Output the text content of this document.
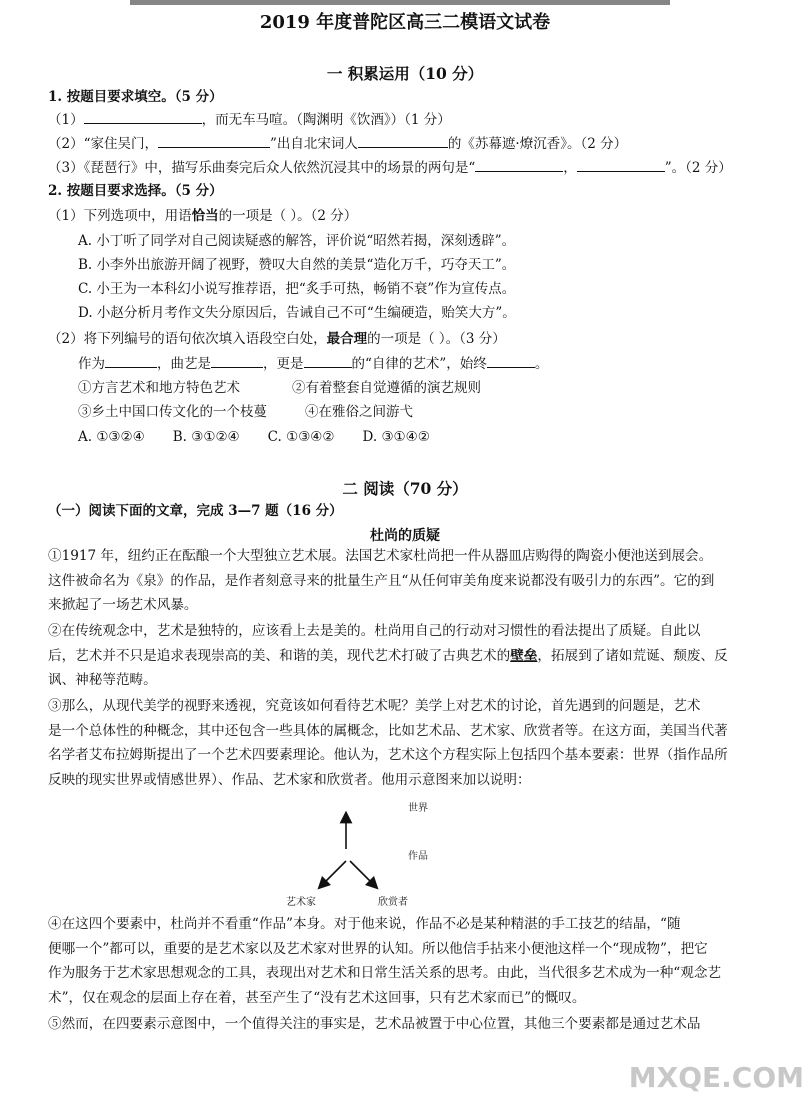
2019 年度普陀区高三二模语文试卷
一 积累运用（10 分）
1. 按题目要求填空。（5 分）
（1）	，而无车马喧。（陶渊明《饮酒》）（1 分）
（2）“家住吴门，	”出自北宋词人	的《苏幕遮·燎沉香》。（2 分）
（3）《琵琶行》中，描写乐曲奏完后众人依然沉浸其中的场景的两句是“	，	”。（2 分）
2. 按题目要求选择。（5 分）
（1）下列选项中，用语恰当的一项是（ ）。（2 分）
A. 小丁听了同学对自己阅读疑惑的解答，评价说“昭然若揭，深刻透辟”。
B. 小李外出旅游开阔了视野，赞叹大自然的美景“造化万千，巧夺天工”。
C. 小王为一本科幻小说写推荐语，把“炙手可热，畅销不衰”作为宣传点。
D. 小赵分析月考作文失分原因后，告诫自己不可“生编硬造，贻笑大方”。
（2）将下列编号的语句依次填入语段空白处，最合理的一项是（ ）。（3 分）
作为	，曲艺是	，更是	的“自律的艺术”，始终	。
①方言艺术和地方特色艺术	②有着整套自觉遵循的演艺规则
③乡土中国口传文化的一个枝蔓	④在雅俗之间游弋
A. ①③②④ B. ③①②④ C. ①③④② D. ③①④②
二 阅读（70 分）
（一）阅读下面的文章，完成 3—7 题（16 分）
杜尚的质疑
①1917 年，纽约正在酝酿一个大型独立艺术展。法国艺术家杜尚把一件从器皿店购得的陶瓷小便池送到展会。
这件被命名为《泉》的作品，是作者刻意寻来的批量生产且“从任何审美角度来说都没有吸引力的东西”。它的到
来掀起了一场艺术风暴。
②在传统观念中，艺术是独特的，应该看上去是美的。杜尚用自己的行动对习惯性的看法提出了质疑。自此以
后，艺术并不只是追求表现崇高的美、和谐的美，现代艺术打破了古典艺术的壁垒，拓展到了诸如荒诞、颓废、反
讽、神秘等范畴。
③那么，从现代美学的视野来透视，究竟该如何看待艺术呢？美学上对艺术的讨论，首先遇到的问题是，艺术
是一个总体性的种概念，其中还包含一些具体的属概念，比如艺术品、艺术家、欣赏者等。在这方面，美国当代著
名学者艾布拉姆斯提出了一个艺术四要素理论。他认为，艺术这个方程实际上包括四个基本要素：世界（指作品所
反映的现实世界或情感世界）、作品、艺术家和欣赏者。他用示意图来加以说明：
世界
作品
艺术家	欣赏者
④在这四个要素中，杜尚并不看重“作品”本身。对于他来说，作品不必是某种精湛的手工技艺的结晶，“随
便哪一个”都可以，重要的是艺术家以及艺术家对世界的认知。所以他信手拈来小便池这样一个“现成物”，把它
作为服务于艺术家思想观念的工具，表现出对艺术和日常生活关系的思考。由此，当代很多艺术成为一种“观念艺
术”，仅在观念的层面上存在着，甚至产生了“没有艺术这回事，只有艺术家而已”的慨叹。
⑤然而，在四要素示意图中，一个值得关注的事实是，艺术品被置于中心位置，其他三个要素都是通过艺术品
MXQE.COM
